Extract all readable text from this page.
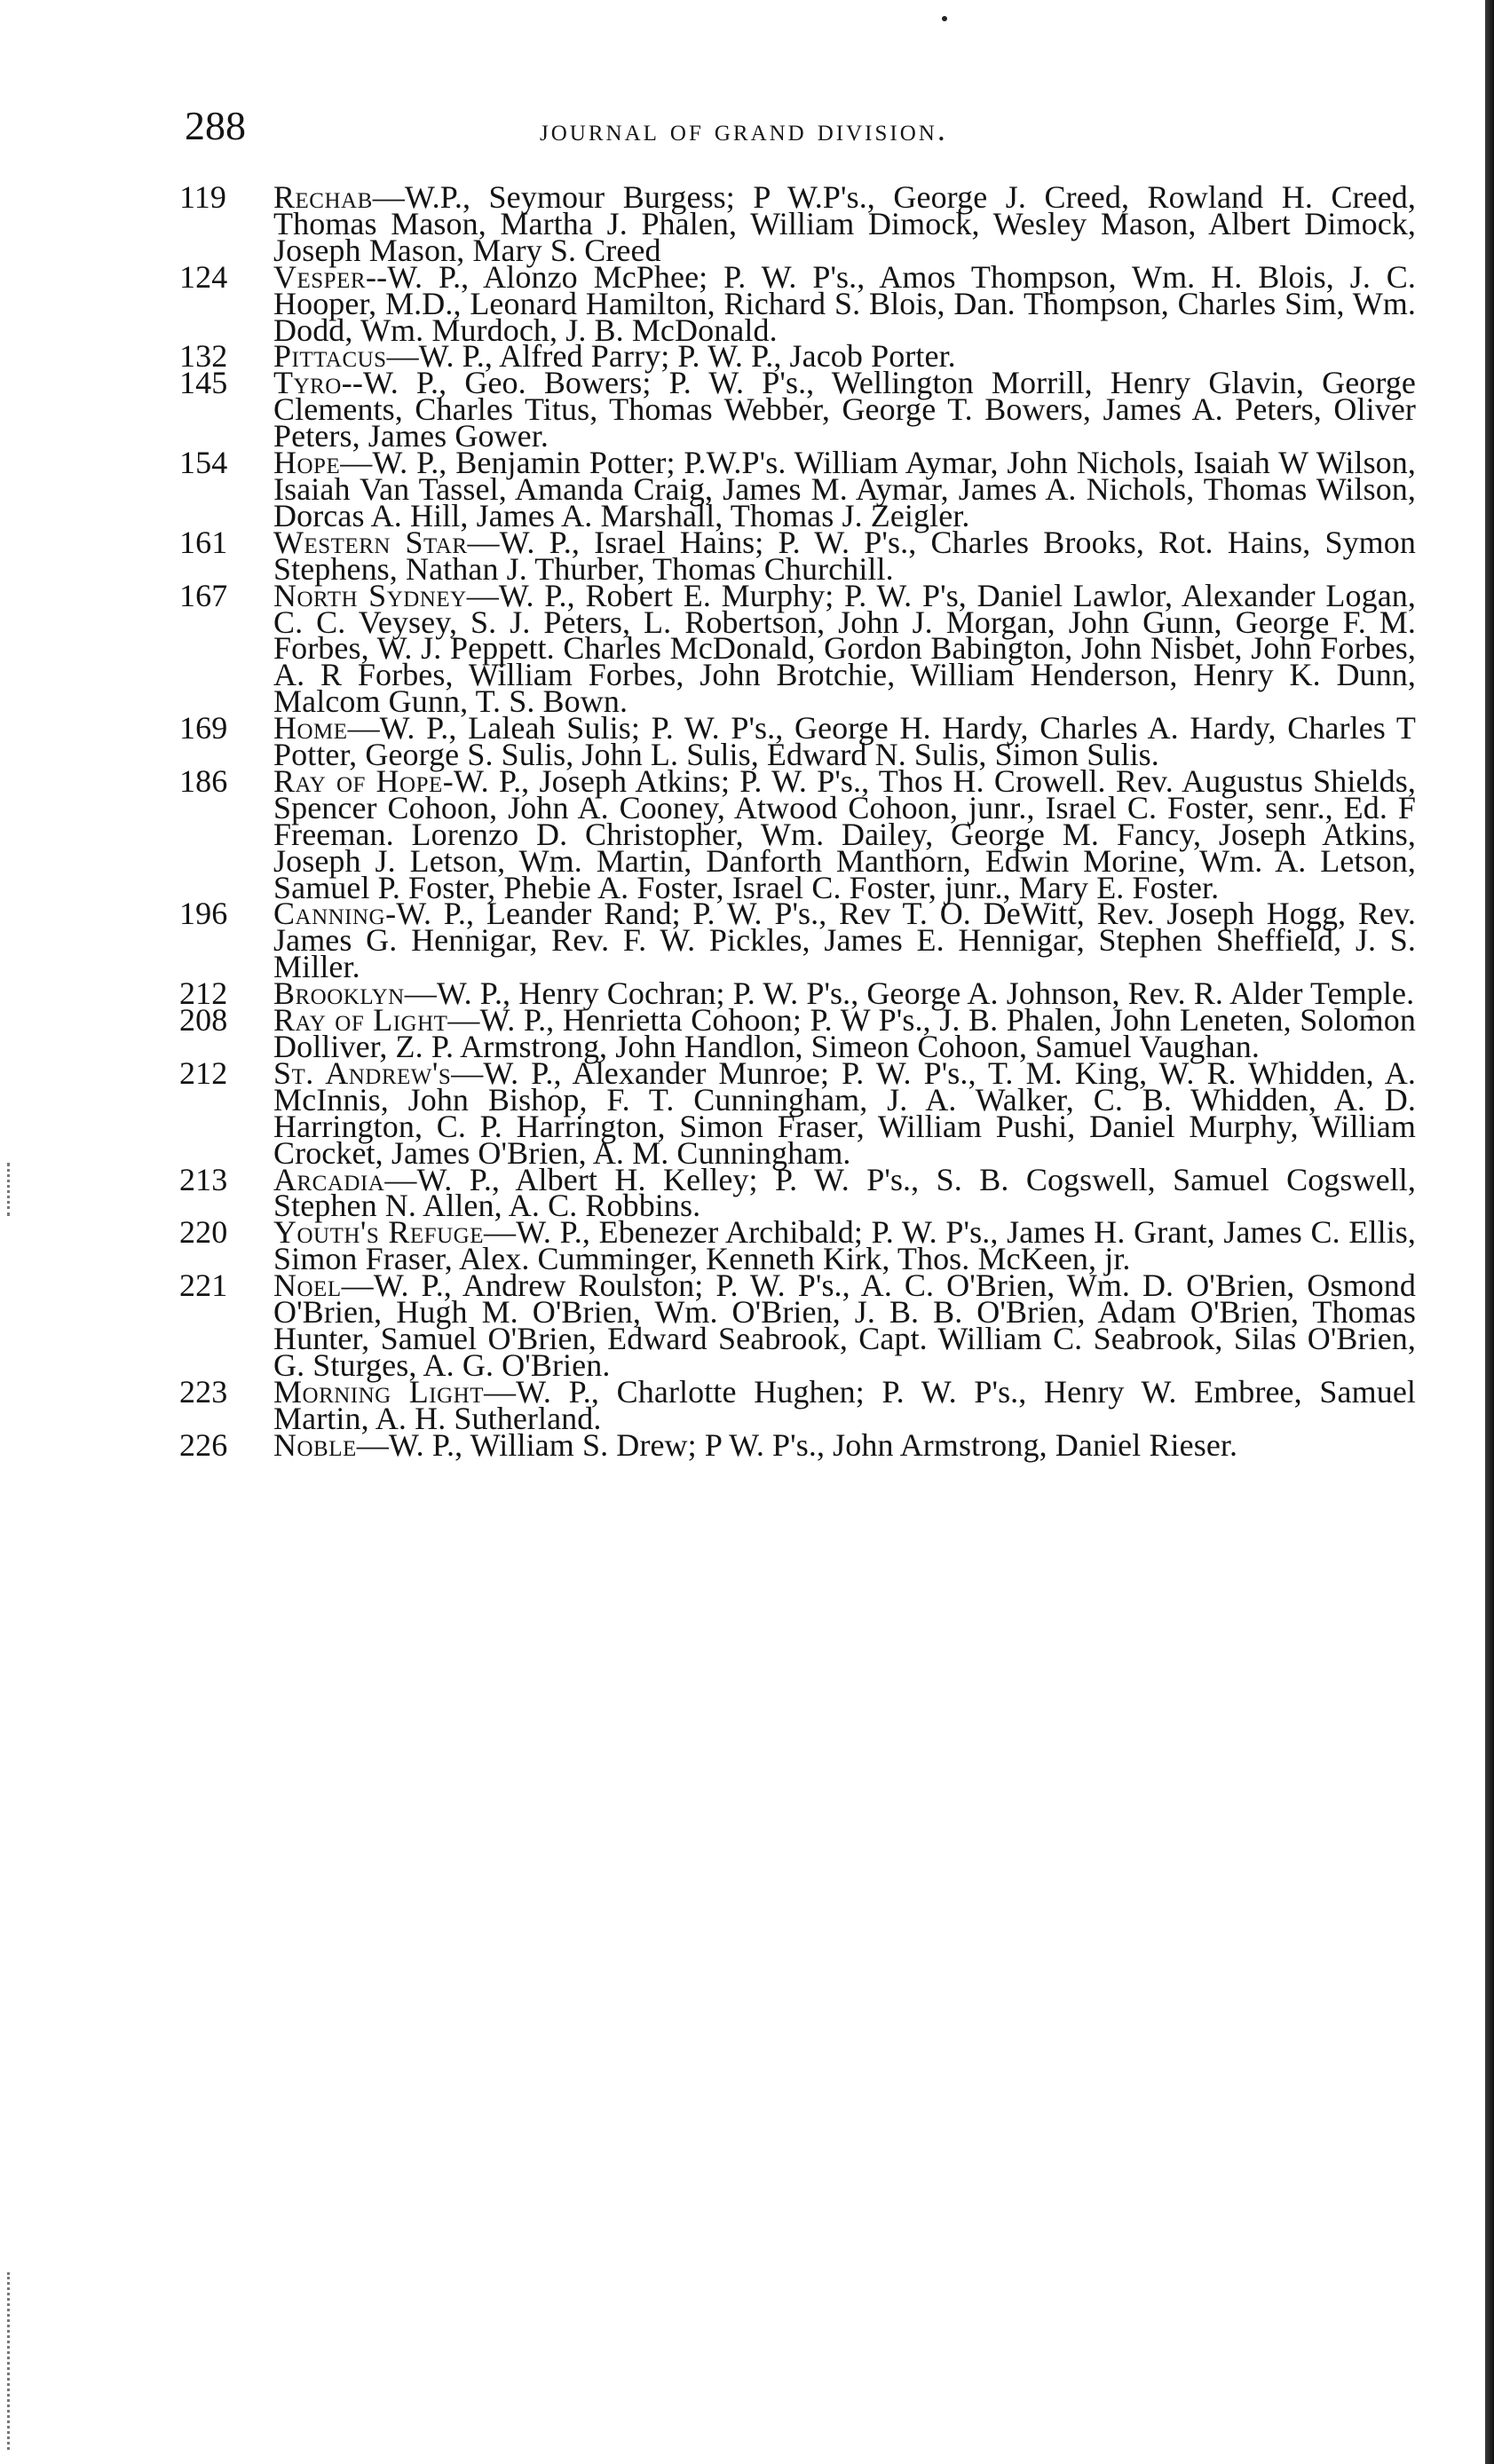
288	journal of grand division.
119	Rechab—W.P., Seymour Burgess; P W.P's., George J. Creed, Rowland H. Creed, Thomas Mason, Martha J. Phalen, William Dimock, Wesley Mason, Albert Dimock, Joseph Mason, Mary S. Creed
124	Vesper--W. P., Alonzo McPhee; P. W. P's., Amos Thompson, Wm. H. Blois, J. C. Hooper, M.D., Leonard Hamilton, Richard S. Blois, Dan. Thompson, Charles Sim, Wm. Dodd, Wm. Murdoch, J. B. McDonald.
132	Pittacus—W. P., Alfred Parry; P. W. P., Jacob Porter.
145	Tyro--W. P., Geo. Bowers; P. W. P's., Wellington Morrill, Henry Glavin, George Clements, Charles Titus, Thomas Webber, George T. Bowers, James A. Peters, Oliver Peters, James Gower.
154	Hope—W. P., Benjamin Potter; P.W.P's. William Aymar, John Nichols, Isaiah W Wilson, Isaiah Van Tassel, Amanda Craig, James M. Aymar, James A. Nichols, Thomas Wilson, Dorcas A. Hill, James A. Marshall, Thomas J. Zeigler.
161	Western Star—W. P., Israel Hains; P. W. P's., Charles Brooks, Rot. Hains, Symon Stephens, Nathan J. Thurber, Thomas Churchill.
167	North Sydney—W. P., Robert E. Murphy; P. W. P's, Daniel Lawlor, Alexander Logan, C. C. Veysey, S. J. Peters, L. Robertson, John J. Morgan, John Gunn, George F. M. Forbes, W. J. Peppett. Charles McDonald, Gordon Babington, John Nisbet, John Forbes, A. R Forbes, William Forbes, John Brotchie, William Henderson, Henry K. Dunn, Malcom Gunn, T. S. Bown.
169	Home—W. P., Laleah Sulis; P. W. P's., George H. Hardy, Charles A. Hardy, Charles T Potter, George S. Sulis, John L. Sulis, Edward N. Sulis, Simon Sulis.
186	Ray of Hope-W. P., Joseph Atkins; P. W. P's., Thos H. Crowell. Rev. Augustus Shields, Spencer Cohoon, John A. Cooney, Atwood Cohoon, junr., Israel C. Foster, senr., Ed. F Freeman. Lorenzo D. Christopher, Wm. Dailey, George M. Fancy, Joseph Atkins, Joseph J. Letson, Wm. Martin, Danforth Manthorn, Edwin Morine, Wm. A. Letson, Samuel P. Foster, Phebie A. Foster, Israel C. Foster, junr., Mary E. Foster.
196	Canning-W. P., Leander Rand; P. W. P's., Rev T. O. DeWitt, Rev. Joseph Hogg, Rev. James G. Hennigar, Rev. F. W. Pickles, James E. Hennigar, Stephen Sheffield, J. S. Miller.
212	Brooklyn—W. P., Henry Cochran; P. W. P's., George A. Johnson, Rev. R. Alder Temple.
208	Ray of Light—W. P., Henrietta Cohoon; P. W P's., J. B. Phalen, John Leneten, Solomon Dolliver, Z. P. Armstrong, John Handlon, Simeon Cohoon, Samuel Vaughan.
212	St. Andrew's—W. P., Alexander Munroe; P. W. P's., T. M. King, W. R. Whidden, A. McInnis, John Bishop, F. T. Cunningham, J. A. Walker, C. B. Whidden, A. D. Harrington, C. P. Harrington, Simon Fraser, William Pushi, Daniel Murphy, William Crocket, James O'Brien, A. M. Cunningham.
213	Arcadia—W. P., Albert H. Kelley; P. W. P's., S. B. Cogswell, Samuel Cogswell, Stephen N. Allen, A. C. Robbins.
220	Youth's Refuge—W. P., Ebenezer Archibald; P. W. P's., James H. Grant, James C. Ellis, Simon Fraser, Alex. Cumminger, Kenneth Kirk, Thos. McKeen, jr.
221	Noel—W. P., Andrew Roulston; P. W. P's., A. C. O'Brien, Wm. D. O'Brien, Osmond O'Brien, Hugh M. O'Brien, Wm. O'Brien, J. B. B. O'Brien, Adam O'Brien, Thomas Hunter, Samuel O'Brien, Edward Seabrook, Capt. William C. Seabrook, Silas O'Brien, G. Sturges, A. G. O'Brien.
223	Morning Light—W. P., Charlotte Hughen; P. W. P's., Henry W. Embree, Samuel Martin, A. H. Sutherland.
226	Noble—W. P., William S. Drew; P W. P's., John Armstrong, Daniel Rieser.
